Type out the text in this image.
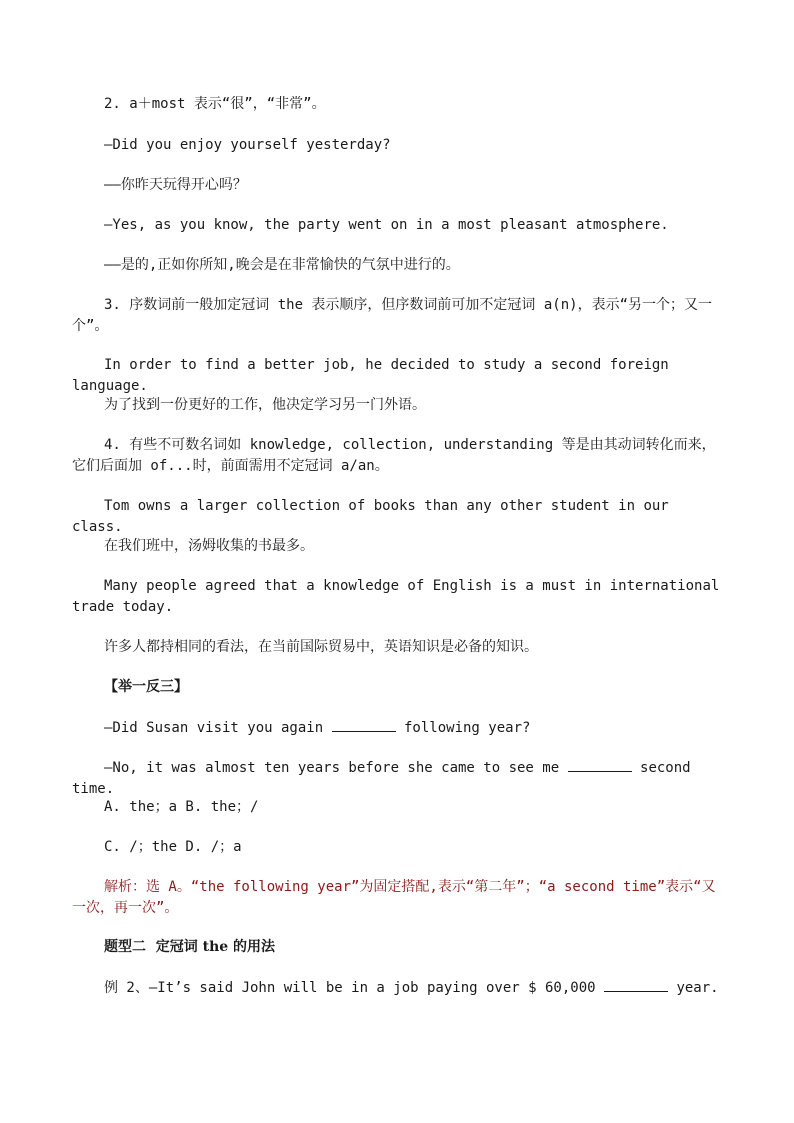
2. a＋most 表示“很”，“非常”。
—Did you enjoy yourself yesterday?
——你昨天玩得开心吗？
—Yes, as you know, the party went on in a most pleasant atmosphere.
——是的,正如你所知,晚会是在非常愉快的气氛中进行的。
3. 序数词前一般加定冠词 the 表示顺序，但序数词前可加不定冠词 a(n)，表示“另一个；又一个”。
In order to find a better job, he decided to study a second foreign language.
为了找到一份更好的工作，他决定学习另一门外语。
4. 有些不可数名词如 knowledge, collection, understanding 等是由其动词转化而来，它们后面加 of...时，前面需用不定冠词 a/an。
Tom owns a larger collection of books than any other student in our class.
在我们班中，汤姆收集的书最多。
Many people agreed that a knowledge of English is a must in international trade today.
许多人都持相同的看法，在当前国际贸易中，英语知识是必备的知识。
【举一反三】
—Did Susan visit you again	following year?
—No, it was almost ten years before she came to see me	second time.
A. the；a B. the；/
C. /；the D. /；a
解析：选 A。“the following year”为固定搭配,表示“第二年”；“a second time”表示“又一次，再一次”。
题型二  定冠词 the 的用法
例 2、—It’s said John will be in a job paying over $ 60,000	year.
